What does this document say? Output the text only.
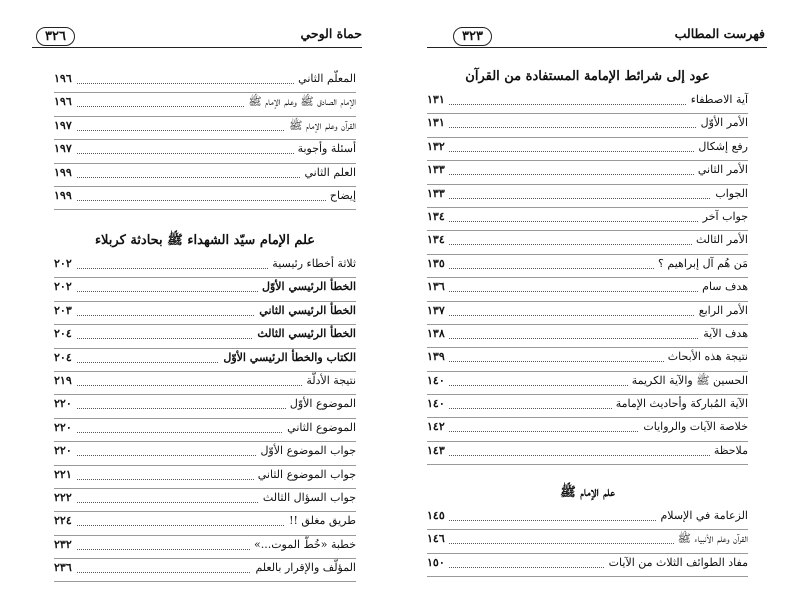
٣٢٦	حماة الوحي
المعلّم الثاني
١٩٦
الإمام الصادق ﷺ وعلم الإمام ﷺ
١٩٦
القرآن وعلم الإمام ﷺ
١٩٧
أسئلة وأجوبة
١٩٧
العلم الثاني
١٩٩
إيضاح
١٩٩
علم الإمام سيّد الشهداء ﷺ بحادثة كربلاء
ثلاثة أخطاء رئيسية
٢٠٢
الخطأ الرئيسي الأوّل
٢٠٢
الخطأ الرئيسي الثاني
٢٠٣
الخطأ الرئيسي الثالث
٢٠٤
الكتاب والخطأ الرئيسي الأوّل
٢٠٤
نتيجة الأدلّة
٢١٩
الموضوع الأوّل
٢٢٠
الموضوع الثاني
٢٢٠
جواب الموضوع الأوّل
٢٢٠
جواب الموضوع الثاني
٢٢١
جواب السؤال الثالث
٢٢٢
طريق مغلق !!
٢٢٤
خطبة «خُطّ الموت...»
٢٣٢
المؤلّف والإقرار بالعلم
٢٣٦
٣٢٣	فهرست المطالب
عود إلى شرائط الإمامة المستفادة من القرآن
آية الاصطفاء
١٣١
الأمر الأوّل
١٣١
رفع إشكال
١٣٢
الأمر الثاني
١٣٣
الجواب
١٣٣
جواب آخر
١٣٤
الأمر الثالث
١٣٤
مَن هُم آل إبراهيم ؟
١٣٥
هدف سام
١٣٦
الأمر الرابع
١٣٧
هدف الآية
١٣٨
نتيجة هذه الأبحاث
١٣٩
الحسين ﷺ والآية الكريمة
١٤٠
الآية المُباركة وأحاديث الإمامة
١٤٠
خلاصة الآيات والروايات
١٤٢
ملاحظة
١٤٣
علم الإمام ﷺ
الزعامة في الإسلام
١٤٥
القرآن وعلم الأنبياء ﷺ
١٤٦
مفاد الطوائف الثلاث من الآيات
١٥٠
